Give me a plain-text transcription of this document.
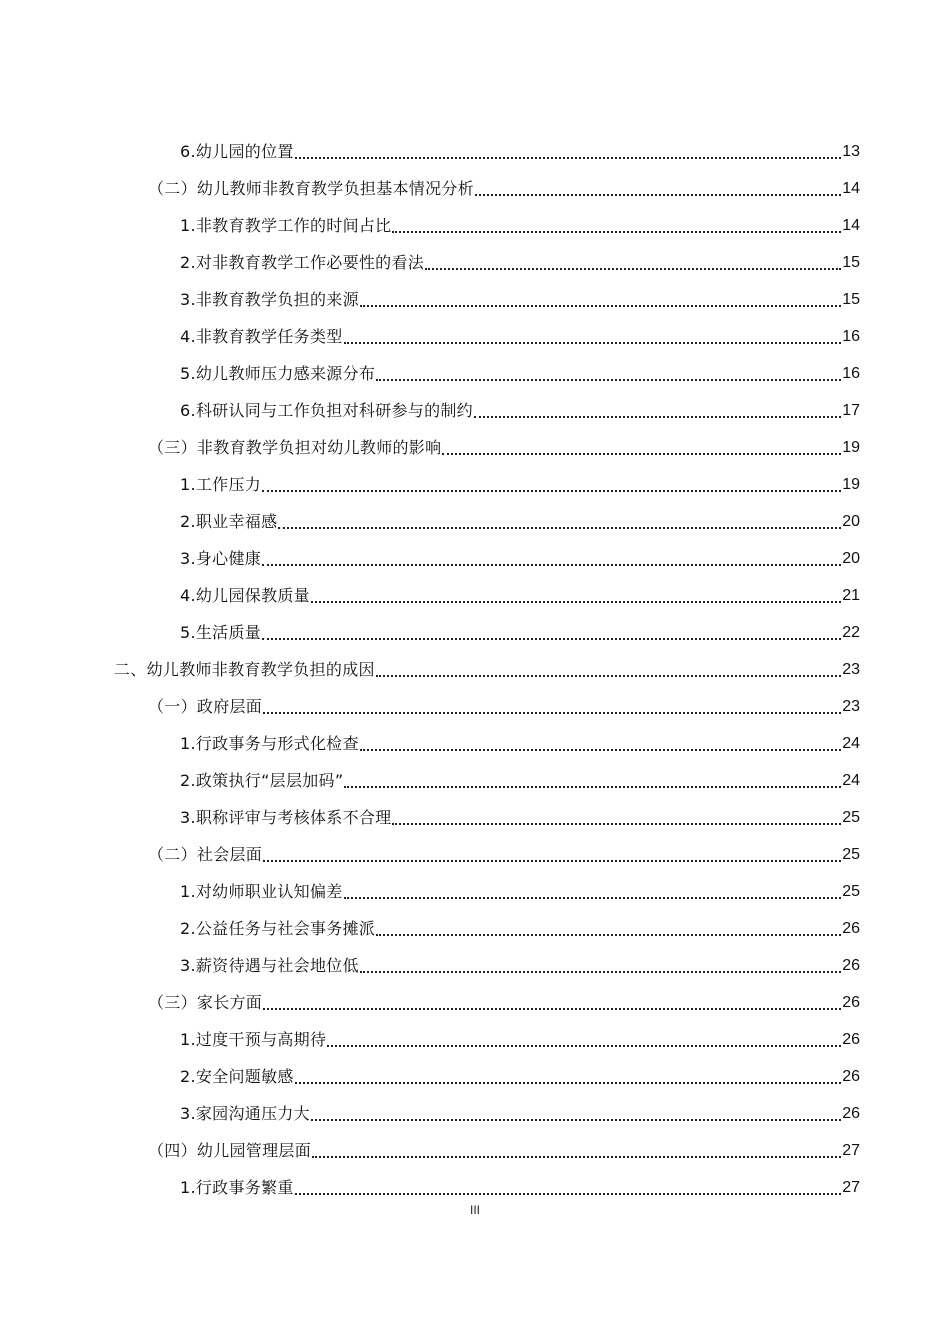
6.幼儿园的位置	13
（二）幼儿教师非教育教学负担基本情况分析	14
1.非教育教学工作的时间占比	14
2.对非教育教学工作必要性的看法	15
3.非教育教学负担的来源	15
4.非教育教学任务类型	16
5.幼儿教师压力感来源分布	16
6.科研认同与工作负担对科研参与的制约	17
（三）非教育教学负担对幼儿教师的影响	19
1.工作压力	19
2.职业幸福感	20
3.身心健康	20
4.幼儿园保教质量	21
5.生活质量	22
二、幼儿教师非教育教学负担的成因	23
（一）政府层面	23
1.行政事务与形式化检查	24
2.政策执行“层层加码”	24
3.职称评审与考核体系不合理	25
（二）社会层面	25
1.对幼师职业认知偏差	25
2.公益任务与社会事务摊派	26
3.薪资待遇与社会地位低	26
（三）家长方面	26
1.过度干预与高期待	26
2.安全问题敏感	26
3.家园沟通压力大	26
（四）幼儿园管理层面	27
1.行政事务繁重	27
III
